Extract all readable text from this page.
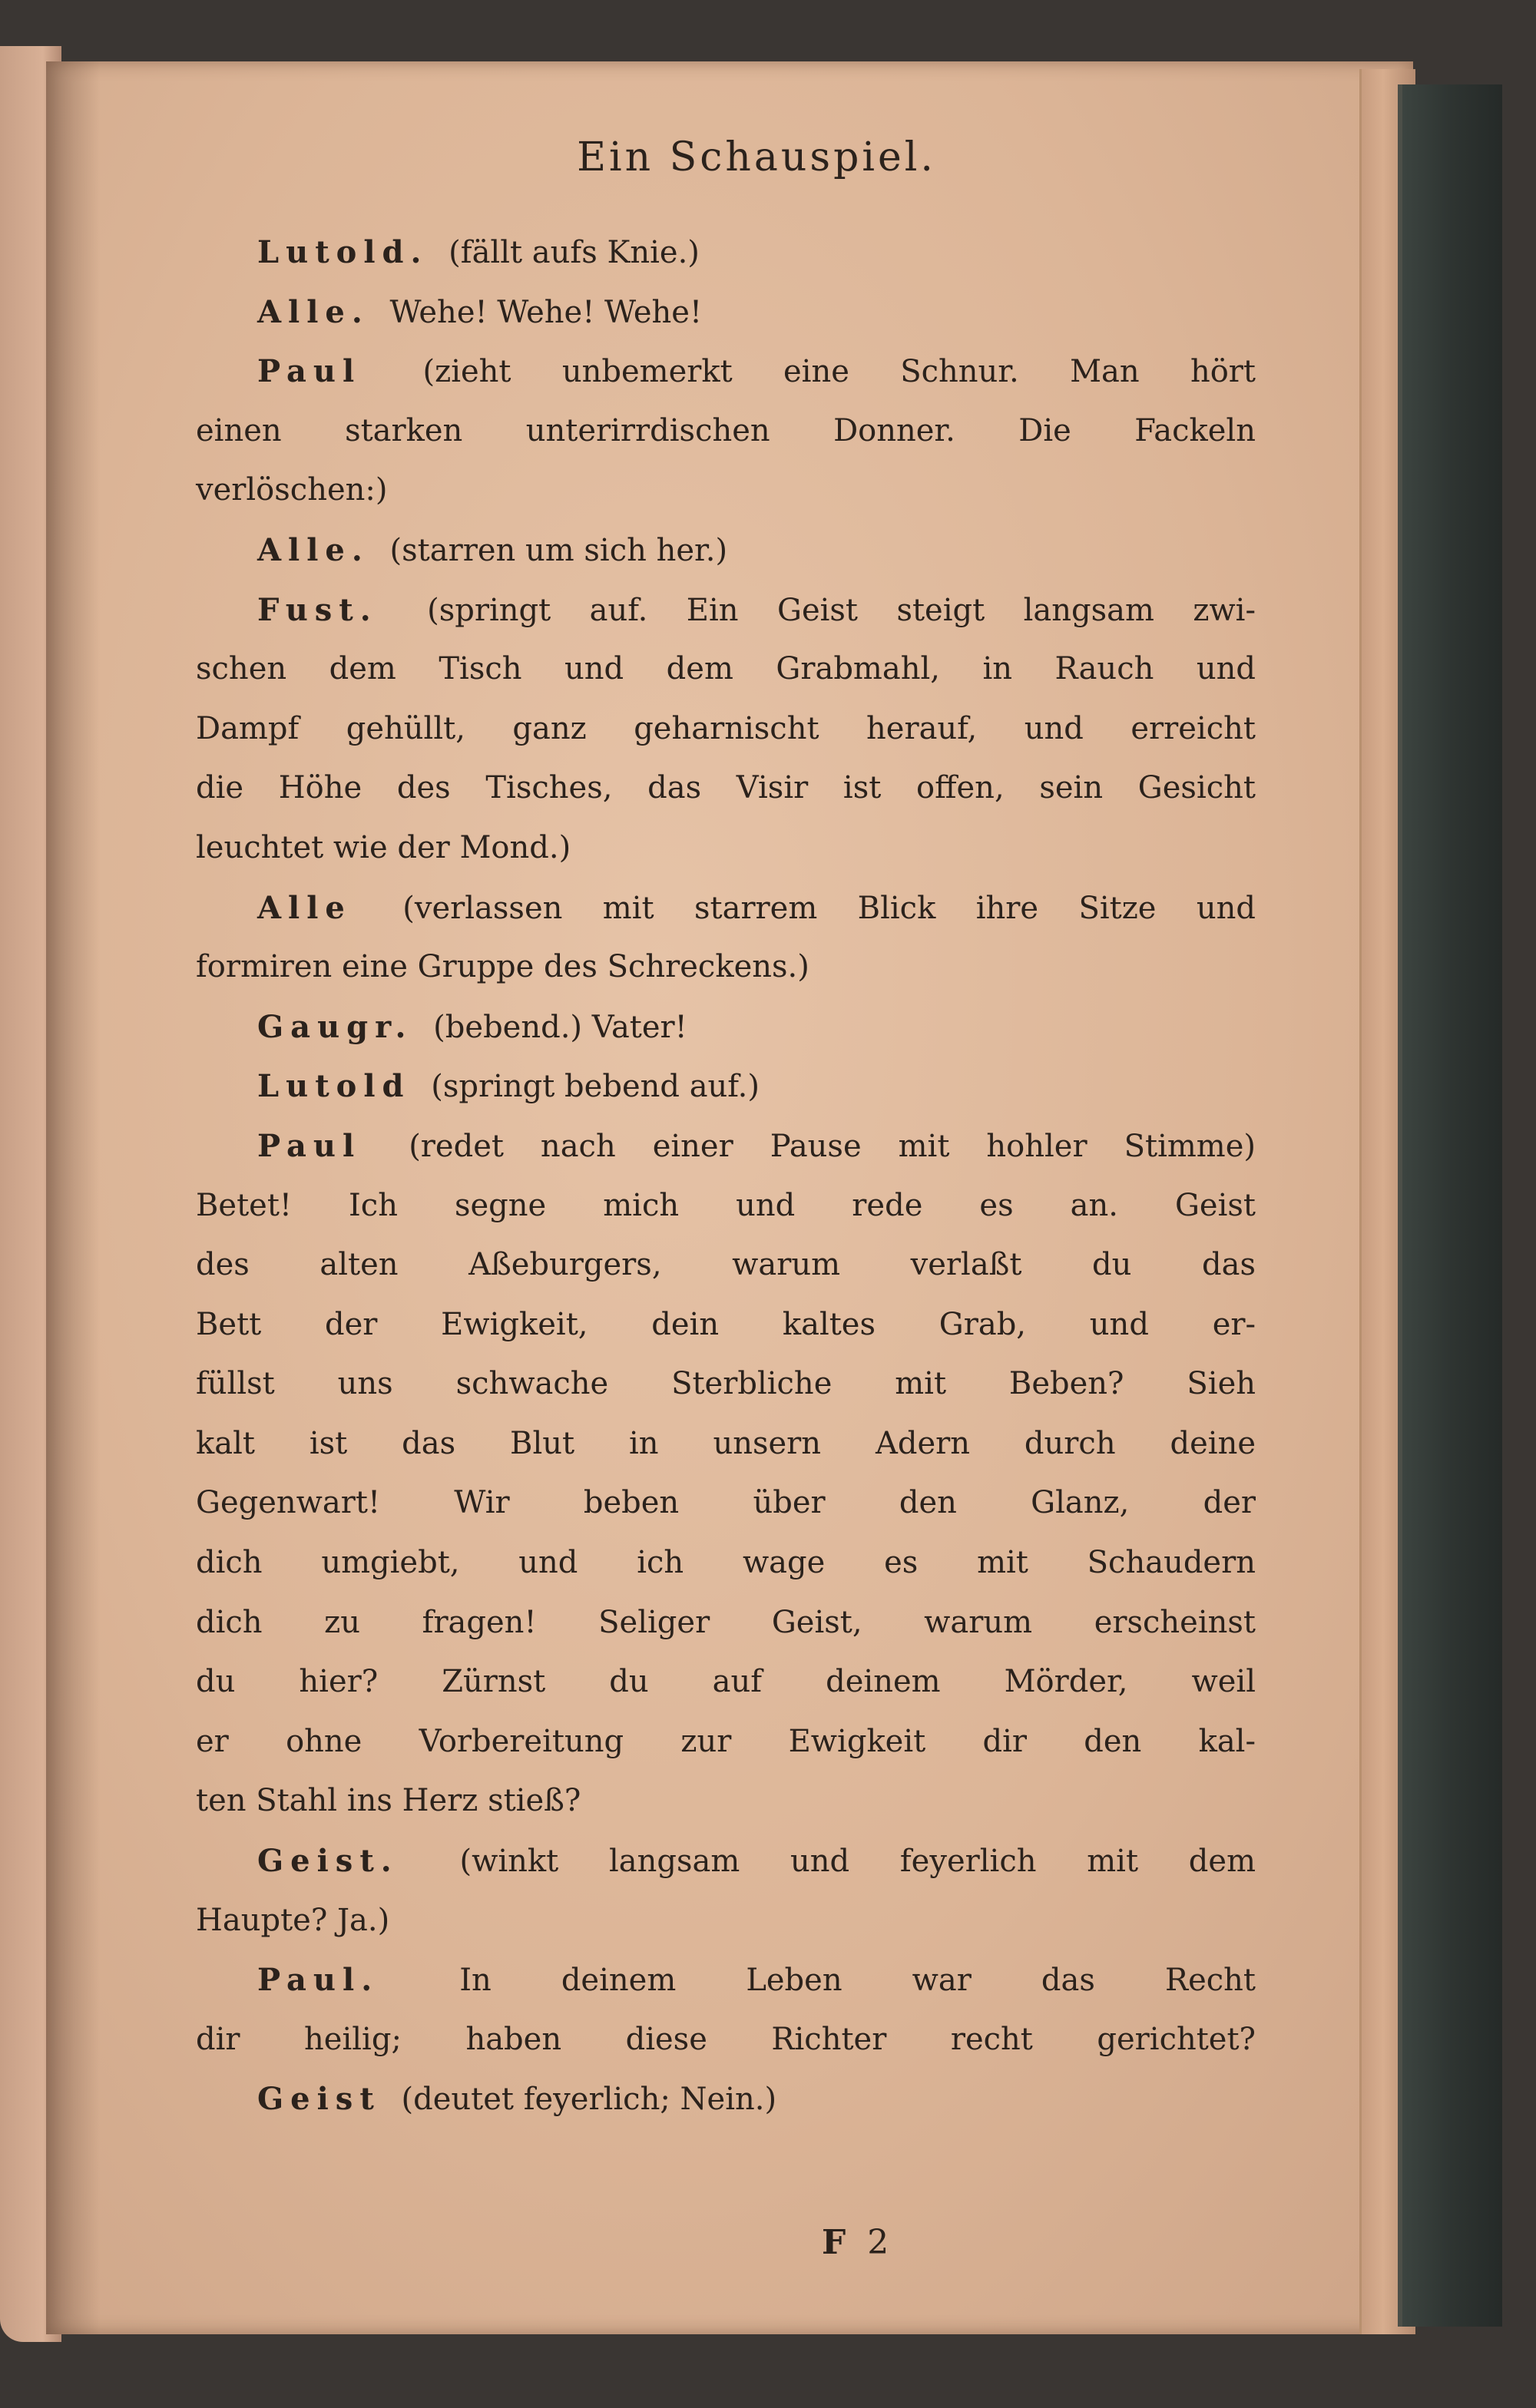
Ein Schauspiel.
Lutold. (fällt aufs Knie.)
Alle. Wehe! Wehe! Wehe!
Paul (zieht unbemerkt eine Schnur. Man hört
einen starken unterirrdischen Donner. Die Fackeln
verlöschen:)
Alle. (starren um sich her.)
Fust. (springt auf. Ein Geist steigt langsam zwi-
schen dem Tisch und dem Grabmahl, in Rauch und
Dampf gehüllt, ganz geharnischt herauf, und erreicht
die Höhe des Tisches, das Visir ist offen, sein Gesicht
leuchtet wie der Mond.)
Alle (verlassen mit starrem Blick ihre Sitze und
formiren eine Gruppe des Schreckens.)
Gaugr. (bebend.) Vater!
Lutold (springt bebend auf.)
Paul (redet nach einer Pause mit hohler Stimme)
Betet! Ich segne mich und rede es an. Geist
des alten Aßeburgers, warum verlaßt du das
Bett der Ewigkeit, dein kaltes Grab, und er-
füllst uns schwache Sterbliche mit Beben? Sieh
kalt ist das Blut in unsern Adern durch deine
Gegenwart! Wir beben über den Glanz, der
dich umgiebt, und ich wage es mit Schaudern
dich zu fragen! Seliger Geist, warum erscheinst
du hier? Zürnst du auf deinem Mörder, weil
er ohne Vorbereitung zur Ewigkeit dir den kal-
ten Stahl ins Herz stieß?
Geist. (winkt langsam und feyerlich mit dem
Haupte? Ja.)
Paul. In deinem Leben war das Recht
dir heilig; haben diese Richter recht gerichtet?
Geist (deutet feyerlich; Nein.)
F 2
